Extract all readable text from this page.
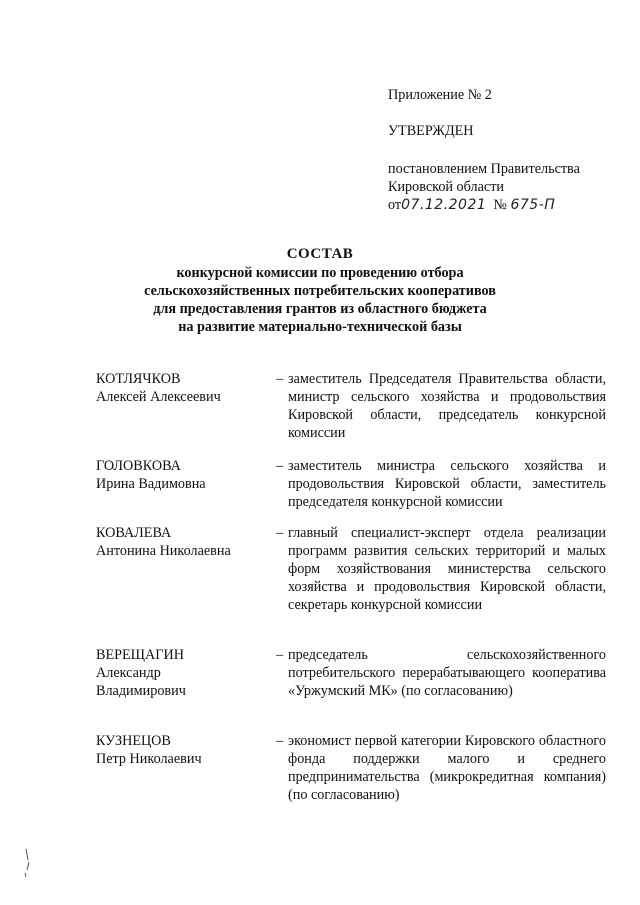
Приложение № 2
УТВЕРЖДЕН
постановлением Правительства
Кировской области
от07.12.2021 № 675-П
СОСТАВ
конкурсной комиссии по проведению отбора
сельскохозяйственных потребительских кооперативов
для предоставления грантов из областного бюджета
на развитие материально-технической базы
КОТЛЯЧКОВ
Алексей Алексеевич
– заместитель Председателя Правительства области, министр сельского хозяйства и продовольствия Кировской области, председатель конкурсной комиссии
ГОЛОВКОВА
Ирина Вадимовна
– заместитель министра сельского хозяйства и продовольствия Кировской области, заместитель председателя конкурсной комиссии
КОВАЛЕВА
Антонина Николаевна
– главный специалист-эксперт отдела реализации программ развития сельских территорий и малых форм хозяйствования министерства сельского хозяйства и продовольствия Кировской области, секретарь конкурсной комиссии
ВЕРЕЩАГИН
Александр
Владимирович
– председатель сельскохозяйственного потребительского перерабатывающего кооператива «Уржумский МК» (по согласованию)
КУЗНЕЦОВ
Петр Николаевич
– экономист первой категории Кировского областного фонда поддержки малого и среднего предпринимательства (микрокредитная компания) (по согласованию)
